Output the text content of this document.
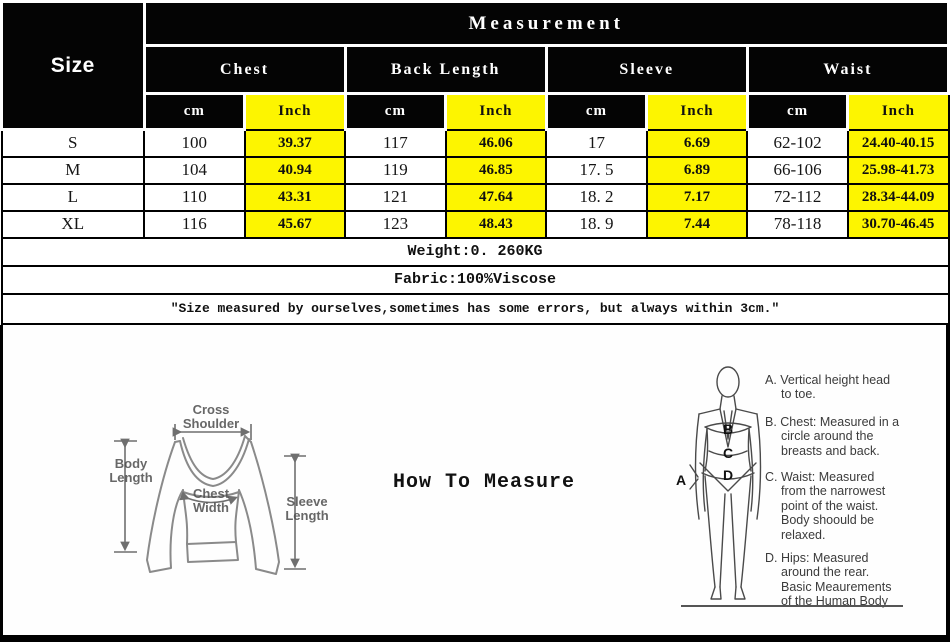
Size	Measurement							
	Chest		Back Length		Sleeve		Waist	
	cm	Inch	cm	Inch	cm	Inch	cm	Inch
S	100	39.37	117	46.06	17	6.69	62-102	24.40-40.15
M	104	40.94	119	46.85	17. 5	6.89	66-106	25.98-41.73
L	110	43.31	121	47.64	18. 2	7.17	72-112	28.34-44.09
XL	116	45.67	123	48.43	18. 9	7.44	78-118	30.70-46.45
Weight:0. 260KG								
Fabric:100%Viscose								
″Size measured by ourselves,sometimes has some errors, but always within 3cm.″								
Cross Shoulder
Body Length
Chest Width	Sleeve Length
How To Measure
B
C
D
A
A. Vertical height head
to toe.
B. Chest: Measured in a
circle around the
breasts and back.
C. Waist: Measured
from the narrowest
point of the waist.
Body shoould be
relaxed.
D. Hips: Measured
around the rear.
Basic Meaurements
of the Human Body
